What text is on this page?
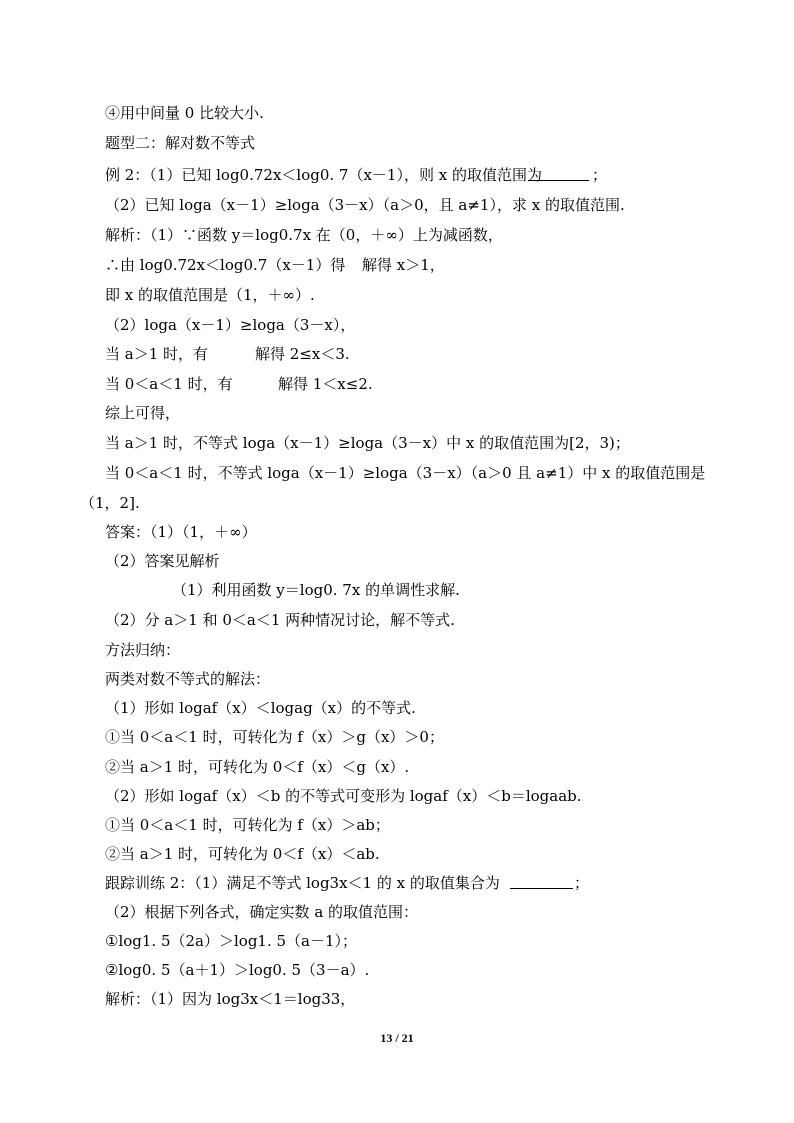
④用中间量 0 比较大小.
题型二：解对数不等式
例 2：（1）已知 log0.72x＜log0. 7（x－1），则 x 的取值范围为	；
（2）已知 loga（x－1）≥loga（3－x）（a＞0，且 a≠1），求 x 的取值范围.
解析：（1）∵函数 y＝log0.7x 在（0，＋∞）上为减函数，
∴由 log0.72x＜log0.7（x－1）得 解得 x＞1，
即 x 的取值范围是（1，＋∞）.
（2）loga（x－1）≥loga（3－x），
当 a＞1 时，有	解得 2≤x＜3.
当 0＜a＜1 时，有	解得 1＜x≤2.
综上可得，
当 a＞1 时，不等式 loga（x－1）≥loga（3－x）中 x 的取值范围为[2，3)；
当 0＜a＜1 时，不等式 loga（x－1）≥loga（3－x）（a＞0 且 a≠1）中 x 的取值范围是
（1，2].
答案：（1）（1，＋∞）
（2）答案见解析
（1）利用函数 y＝log0. 7x 的单调性求解.
（2）分 a＞1 和 0＜a＜1 两种情况讨论，解不等式.
方法归纳：
两类对数不等式的解法：
（1）形如 logaf（x）＜logag（x）的不等式.
①当 0＜a＜1 时，可转化为 f（x）＞g（x）＞0；
②当 a＞1 时，可转化为 0＜f（x）＜g（x）.
（2）形如 logaf（x）＜b 的不等式可变形为 logaf（x）＜b＝logaab.
①当 0＜a＜1 时，可转化为 f（x）＞ab；
②当 a＞1 时，可转化为 0＜f（x）＜ab.
跟踪训练 2：（1）满足不等式 log3x＜1 的 x 的取值集合为	；
（2）根据下列各式，确定实数 a 的取值范围：
①log1. 5（2a）＞log1. 5（a－1）；
②log0. 5（a＋1）＞log0. 5（3－a）.
解析：（1）因为 log3x＜1＝log33，
13 / 21
